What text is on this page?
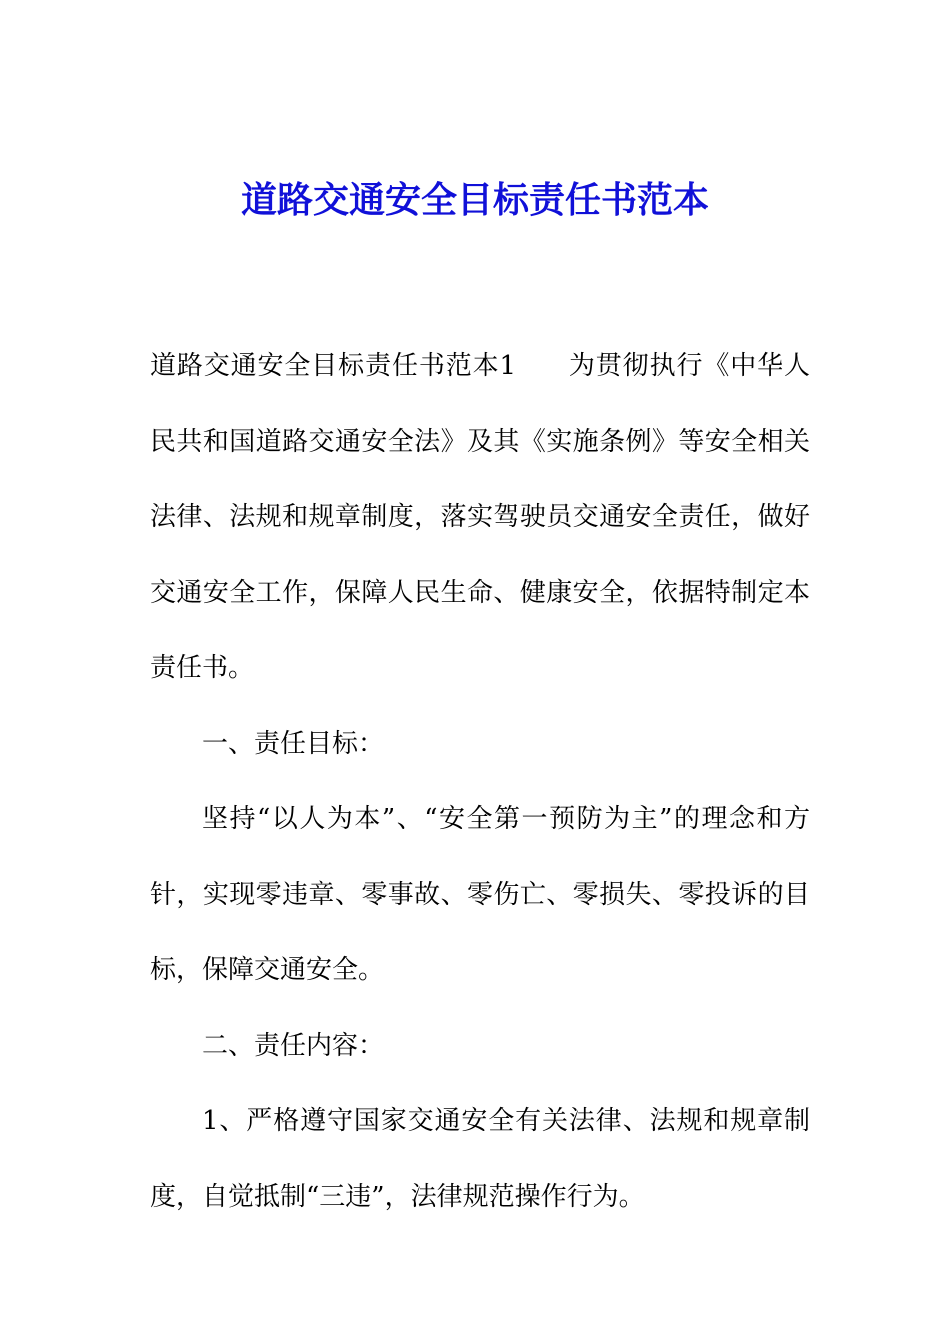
道路交通安全目标责任书范本

道路交通安全目标责任书范本1 为贯彻执行《中华人民共和国道路交通安全法》及其《实施条例》等安全相关法律、法规和规章制度，落实驾驶员交通安全责任，做好交通安全工作，保障人民生命、健康安全，依据特制定本责任书。

一、责任目标：

坚持“以人为本”、“安全第一预防为主”的理念和方针，实现零违章、零事故、零伤亡、零损失、零投诉的目标，保障交通安全。

二、责任内容：

1、严格遵守国家交通安全有关法律、法规和规章制度，自觉抵制“三违”，法律规范操作行为。
